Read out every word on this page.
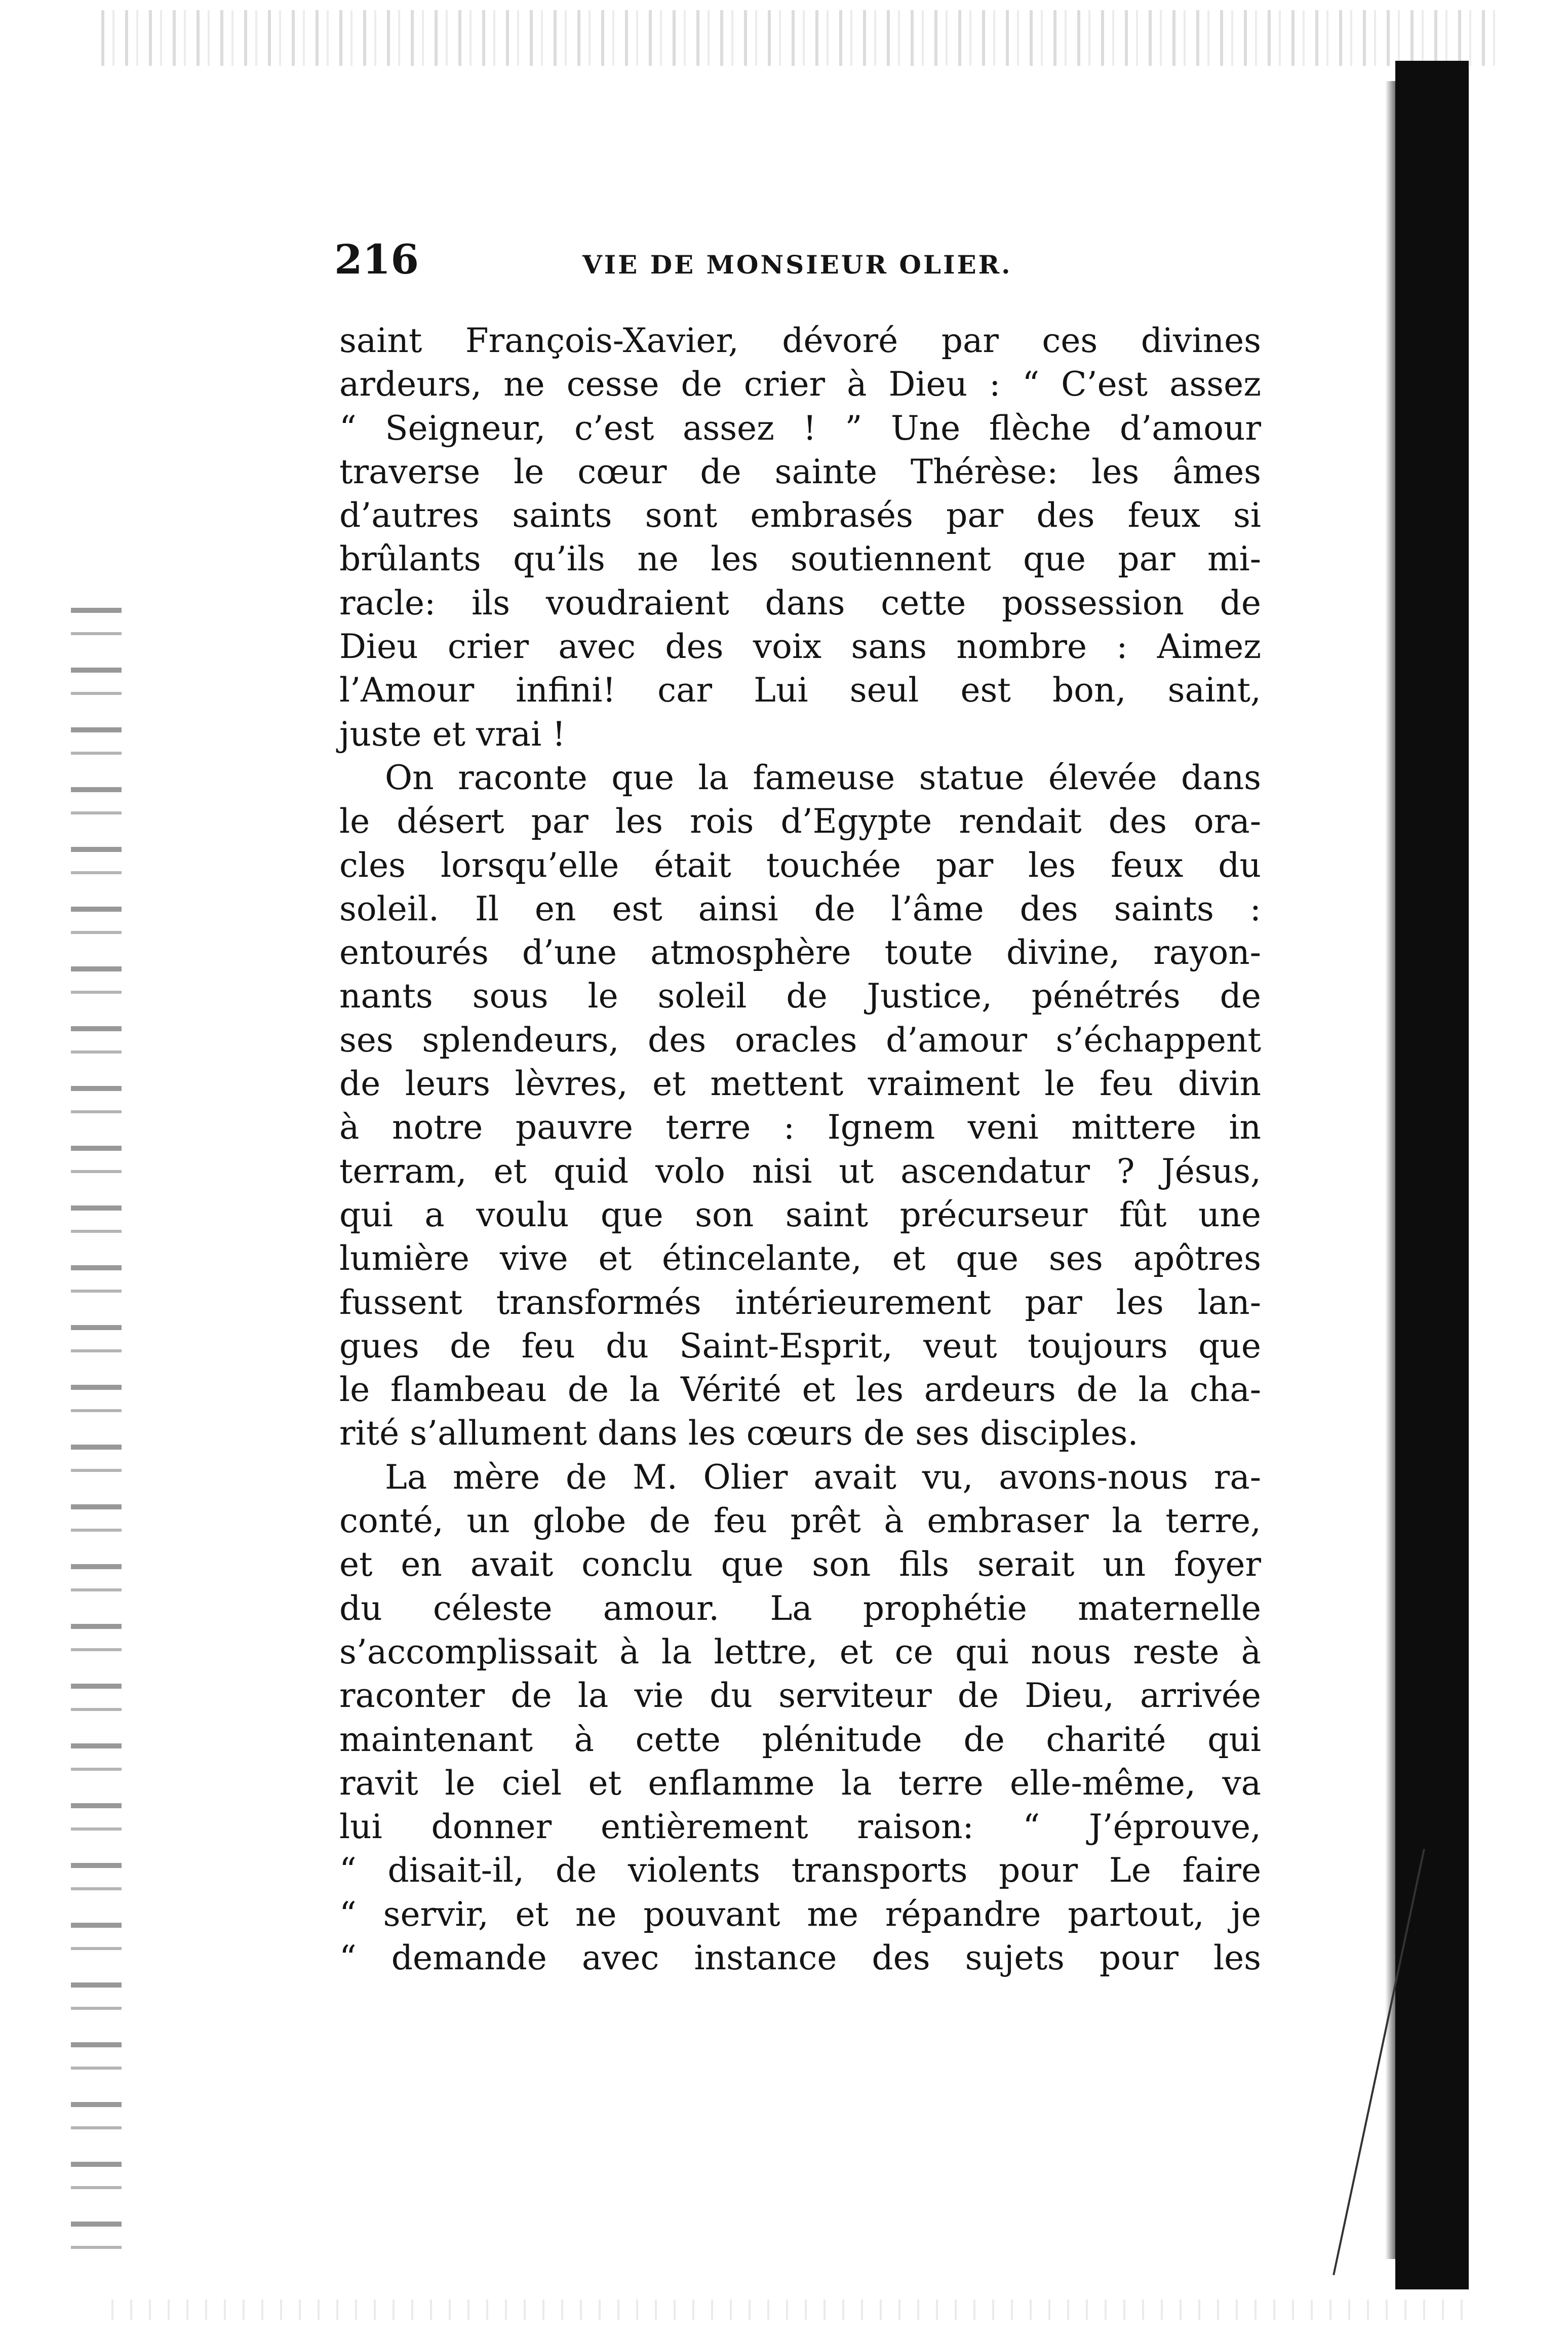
216	VIE DE MONSIEUR OLIER.
saint François-Xavier, dévoré par ces divines
ardeurs, ne cesse de crier à Dieu : “ C’est assez
“ Seigneur, c’est assez ! ” Une flèche d’amour
traverse le cœur de sainte Thérèse: les âmes
d’autres saints sont embrasés par des feux si
brûlants qu’ils ne les soutiennent que par mi-
racle: ils voudraient dans cette possession de
Dieu crier avec des voix sans nombre : Aimez
l’Amour infini! car Lui seul est bon, saint,
juste et vrai !
On raconte que la fameuse statue élevée dans
le désert par les rois d’Egypte rendait des ora-
cles lorsqu’elle était touchée par les feux du
soleil. Il en est ainsi de l’âme des saints :
entourés d’une atmosphère toute divine, rayon-
nants sous le soleil de Justice, pénétrés de
ses splendeurs, des oracles d’amour s’échappent
de leurs lèvres, et mettent vraiment le feu divin
à notre pauvre terre : Ignem veni mittere in
terram, et quid volo nisi ut ascendatur ? Jésus,
qui a voulu que son saint précurseur fût une
lumière vive et étincelante, et que ses apôtres
fussent transformés intérieurement par les lan-
gues de feu du Saint-Esprit, veut toujours que
le flambeau de la Vérité et les ardeurs de la cha-
rité s’allument dans les cœurs de ses disciples.
La mère de M. Olier avait vu, avons-nous ra-
conté, un globe de feu prêt à embraser la terre,
et en avait conclu que son fils serait un foyer
du céleste amour. La prophétie maternelle
s’accomplissait à la lettre, et ce qui nous reste à
raconter de la vie du serviteur de Dieu, arrivée
maintenant à cette plénitude de charité qui
ravit le ciel et enflamme la terre elle-même, va
lui donner entièrement raison: “ J’éprouve,
“ disait-il, de violents transports pour Le faire
“ servir, et ne pouvant me répandre partout, je
“ demande avec instance des sujets pour les
